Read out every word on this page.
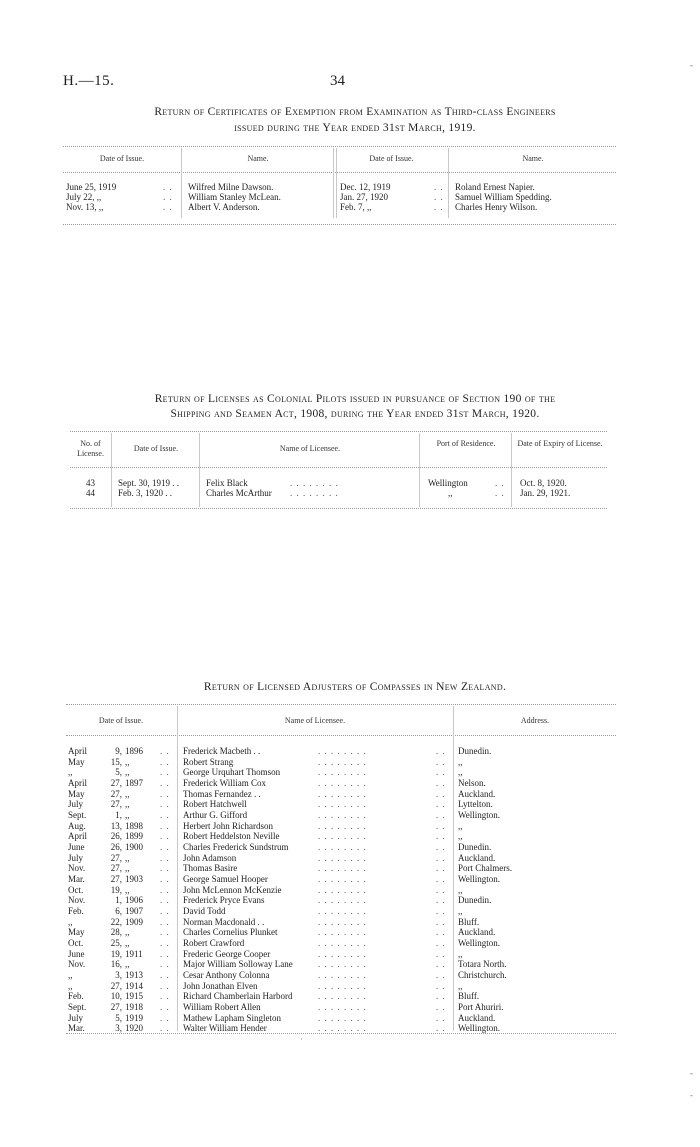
H.—15.	34
-
Return of Certificates of Exemption from Examination as Third-class Engineers
issued during the Year ended 31st March, 1919.
Date of Issue.	Name.	Date of Issue.	Name.
June 25, 1919	. . Wilfred Milne Dawson.	Dec. 12, 1919	. . Roland Ernest Napier.
July 22, ,,	. . William Stanley McLean.	Jan. 27, 1920	. . Samuel William Spedding.
Nov. 13, ,,	. . Albert V. Anderson.	Feb. 7, ,,	. . Charles Henry Wilson.
Return of Licenses as Colonial Pilots issued in pursuance of Section 190 of the
Shipping and Seamen Act, 1908, during the Year ended 31st March, 1920.
No. of License.
Date of Issue.	Name of Licensee.
Port of Residence.	Date of Expiry of License.
43	Sept. 30, 1919 . .	Felix Black	. . . . . . . .	Wellington	. . Oct. 8, 1920.
44	Feb. 3, 1920 . .	Charles McArthur . . . . . . . .	,,	. . Jan. 29, 1921.
Return of Licensed Adjusters of Compasses in New Zealand.
Date of Issue.	Name of Licensee.	Address.
April	9, 1896 . . Frederick Macbeth . .	. . . . . . . .	. . Dunedin.
May	15, ,,	. . Robert Strang	. . . . . . . .	. . ,,
,,	5, ,,	. . George Urquhart Thomson	. . . . . . . .	. . ,,
April	27, 1897 . . Frederick William Cox	. . . . . . . .	. . Nelson.
May	27, ,,	. . Thomas Fernandez . .	. . . . . . . .	. . Auckland.
July	27, ,,	. . Robert Hatchwell	. . . . . . . .	. . Lyttelton.
Sept.	1, ,,	. . Arthur G. Gifford	. . . . . . . .	. . Wellington.
Aug.	13, 1898 . . Herbert John Richardson	. . . . . . . .	. . ,,
April	26, 1899 . . Robert Heddelston Neville	. . . . . . . .	. . ,,
June	26, 1900 . . Charles Frederick Sundstrum	. . . . . . . .	. . Dunedin.
July	27, ,,	. . John Adamson	. . . . . . . .	. . Auckland.
Nov.	27, ,,	. . Thomas Basire	. . . . . . . .	. . Port Chalmers.
Mar.	27, 1903 . . George Samuel Hooper	. . . . . . . .	. . Wellington.
Oct.	19, ,,	. . John McLennon McKenzie	. . . . . . . .	. . ,,
Nov.	1, 1906 . . Frederick Pryce Evans	. . . . . . . .	. . Dunedin.
Feb.	6, 1907 . . David Todd	. . . . . . . .	. . ,,
,,	22, 1909 . . Norman Macdonald . .	. . . . . . . .	. . Bluff.
May	28, ,,	. . Charles Cornelius Plunket	. . . . . . . .	. . Auckland.
Oct.	25, ,,	. . Robert Crawford	. . . . . . . .	. . Wellington.
June	19, 1911 . . Frederic George Cooper	. . . . . . . .	. . ,,
Nov.	16, ,,	. . Major William Solloway Lane	. . . . . . . .	. . Totara North.
,,	3, 1913 . . Cesar Anthony Colonna	. . . . . . . .	. . Christchurch.
,,	27, 1914 . . John Jonathan Elven	. . . . . . . .	. . ,,
Feb.	10, 1915 . . Richard Chamberlain Harbord	. . . . . . . .	. . Bluff.
Sept.	27, 1918 . . William Robert Allen	. . . . . . . .	. . Port Ahuriri.
July	5, 1919 . . Mathew Lapham Singleton	. . . . . . . .	. . Auckland.
Mar.	3, 1920 . . Walter William Hender	. . . . . . . .	. . Wellington.
·
-
-
